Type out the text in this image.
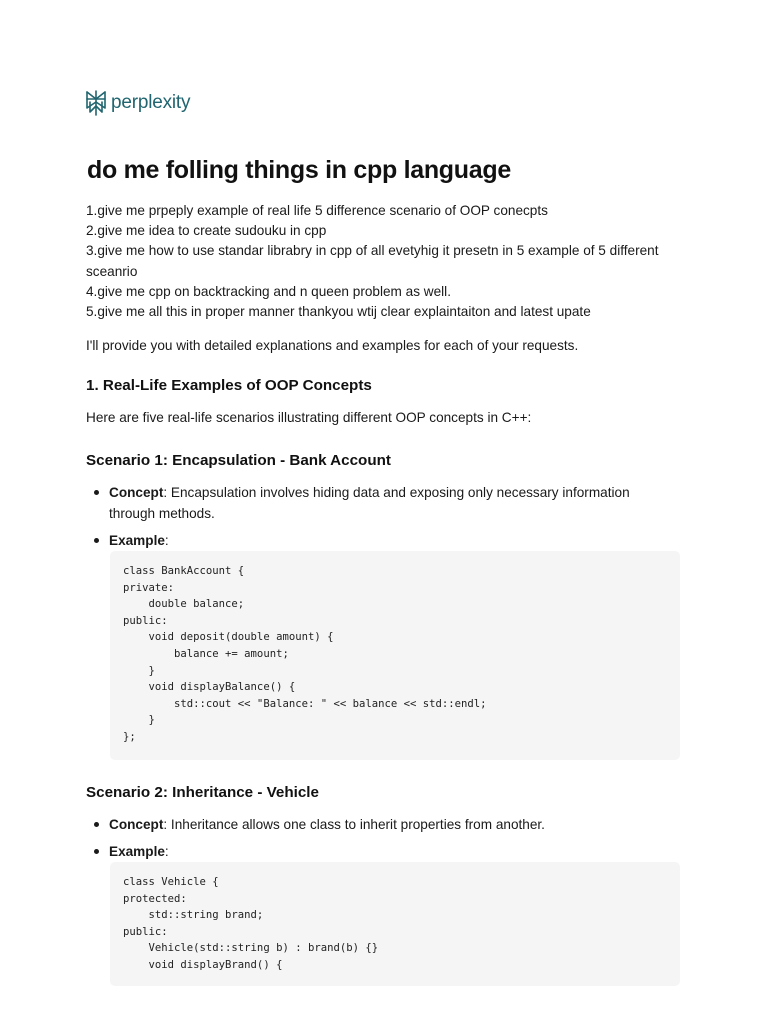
perplexity
do me folling things in cpp language
1.give me prpeply example of real life 5 difference scenario of OOP conecpts
2.give me idea to create sudouku in cpp
3.give me how to use standar librabry in cpp of all evetyhig it presetn in 5 example of 5 different
sceanrio
4.give me cpp on backtracking and n queen problem as well.
5.give me all this in proper manner thankyou wtij clear explaintaiton and latest upate

I'll provide you with detailed explanations and examples for each of your requests.

1. Real-Life Examples of OOP Concepts

Here are five real-life scenarios illustrating different OOP concepts in C++:

Scenario 1: Encapsulation - Bank Account
Concept: Encapsulation involves hiding data and exposing only necessary information
through methods.
Example:
class BankAccount {
private:
double balance;
public:
void deposit(double amount) {
balance += amount;
}
void displayBalance() {
std::cout << "Balance: " << balance << std::endl;
}
};
Scenario 2: Inheritance - Vehicle
Concept: Inheritance allows one class to inherit properties from another.
Example:
class Vehicle {
protected:
std::string brand;
public:
Vehicle(std::string b) : brand(b) {}
void displayBrand() {
